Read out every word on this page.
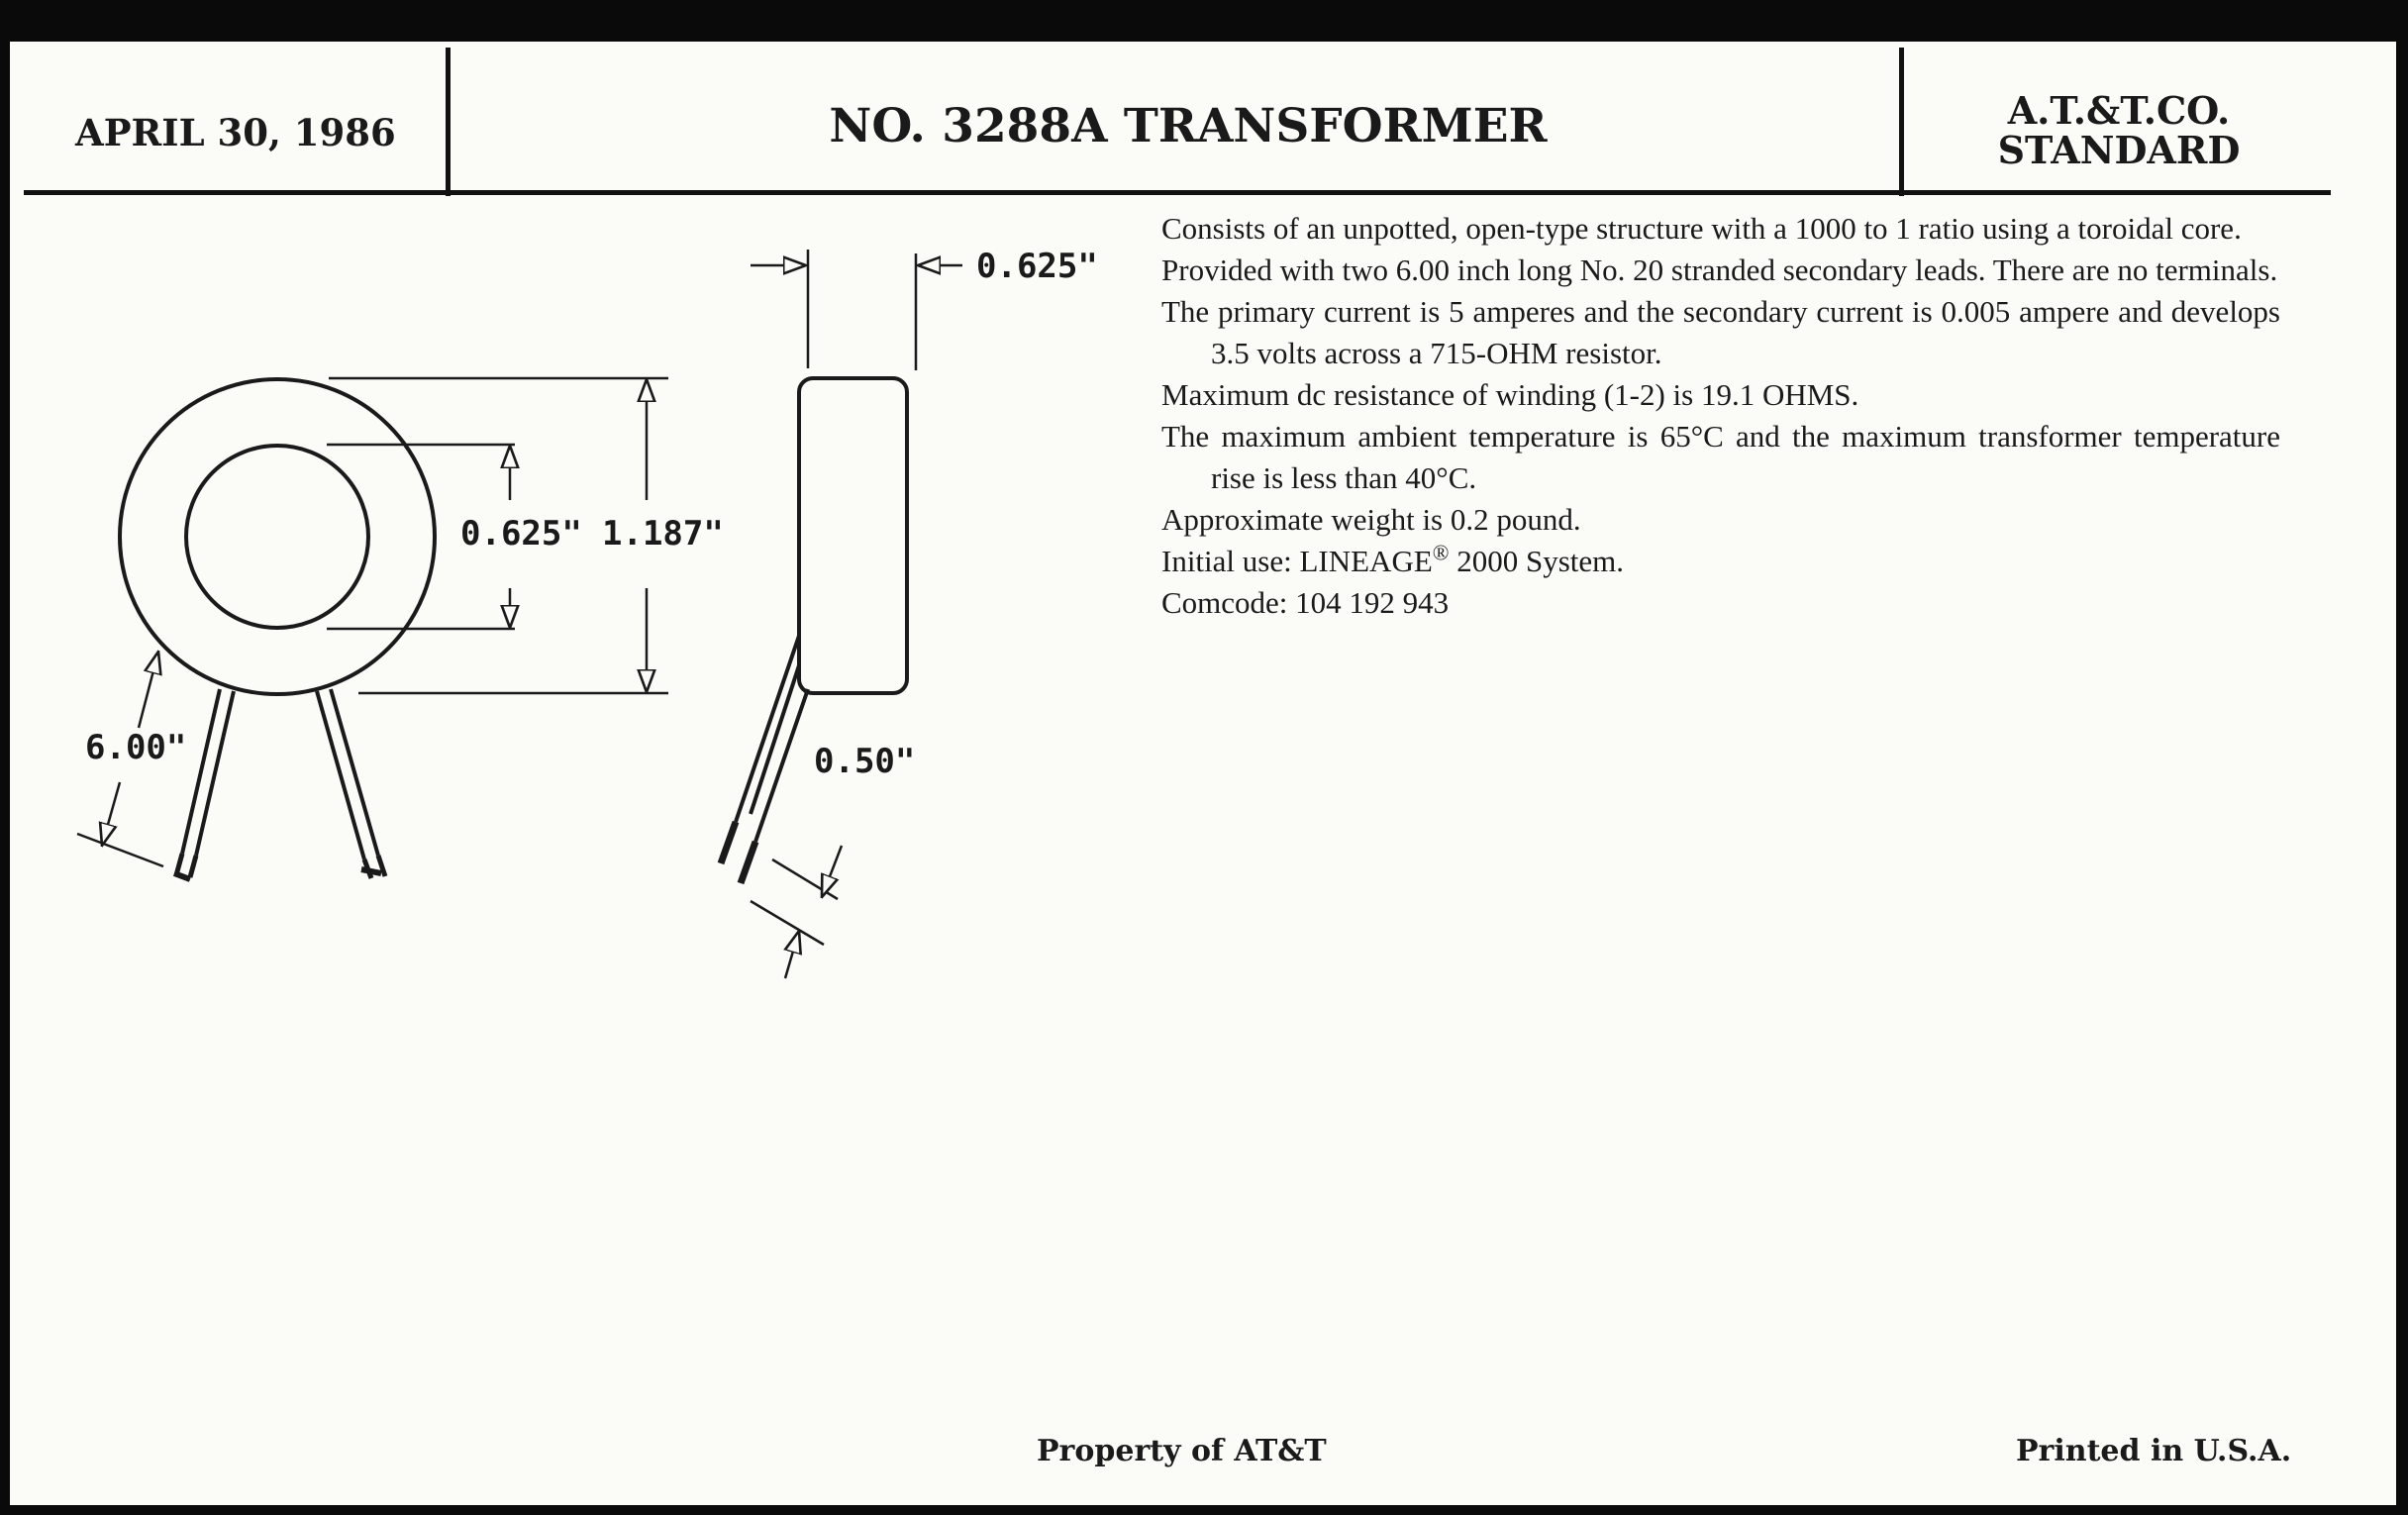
APRIL 30, 1986	NO. 3288A TRANSFORMER	A.T.&T.CO.
STANDARD
0.625" 1.187"
0.625"
6.00"	0.50"
Consists of an unpotted, open-type structure with a 1000 to 1 ratio using a toroidal core.
Provided with two 6.00 inch long No. 20 stranded secondary leads. There are no terminals.
The primary current is 5 amperes and the secondary current is 0.005 ampere and develops 3.5 volts across a 715-OHM resistor.
Maximum dc resistance of winding (1-2) is 19.1 OHMS.
The maximum ambient temperature is 65°C and the maximum transformer temperature rise is less than 40°C.
Approximate weight is 0.2 pound.
Initial use: LINEAGE® 2000 System.
Comcode: 104 192 943
Property of AT&T	Printed in U.S.A.
